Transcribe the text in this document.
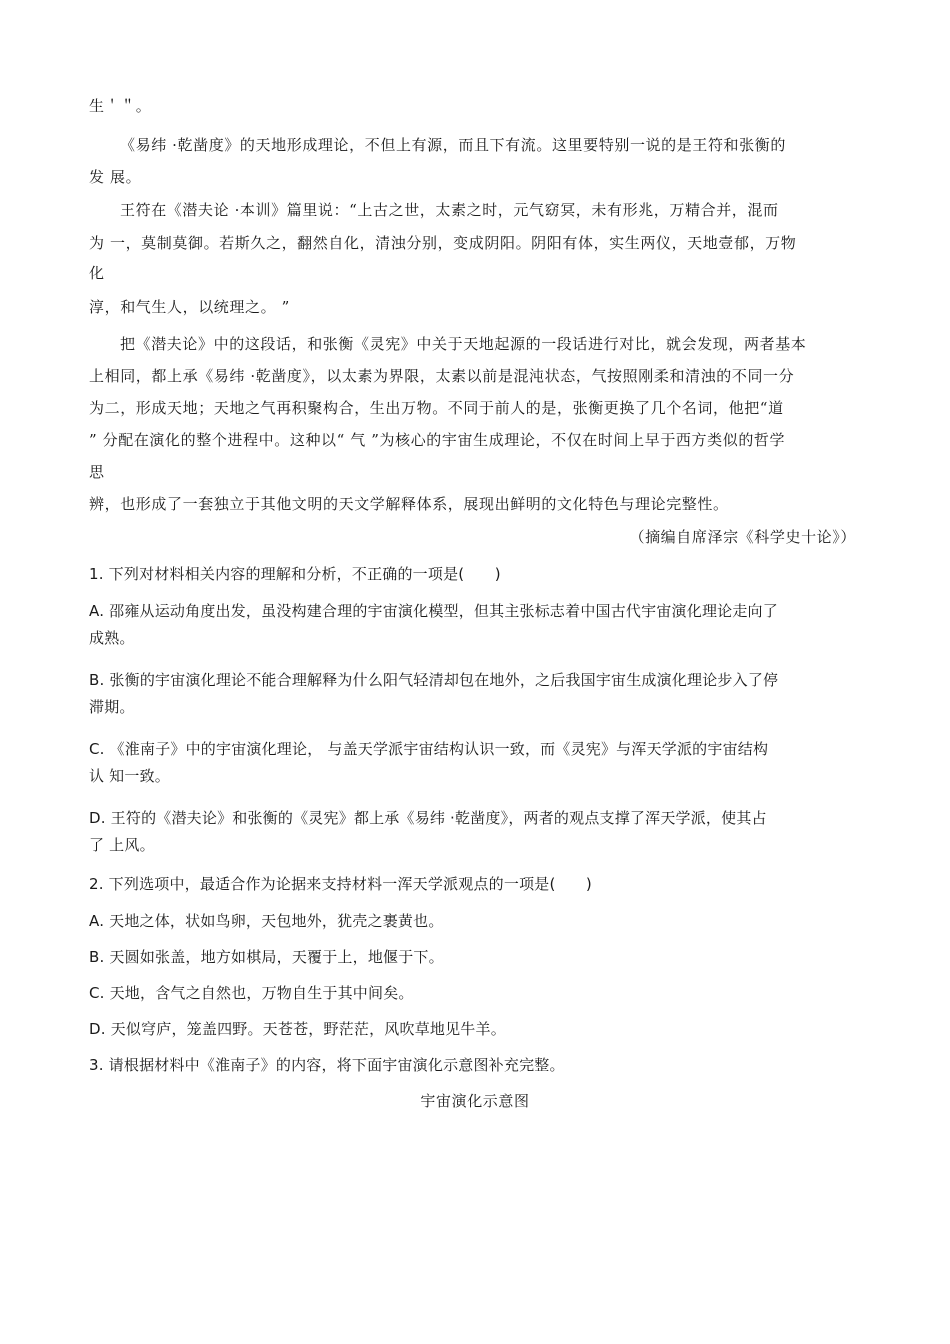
生＇＂。
《易纬 ·乾凿度》的天地形成理论，不但上有源，而且下有流。这里要特别一说的是王符和张衡的
发 展。
王符在《潜夫论 ·本训》篇里说：“上古之世，太素之时，元气窈冥，未有形兆，万精合并，混而
为 一，莫制莫御。若斯久之，翻然自化，清浊分别，变成阴阳。阴阳有体，实生两仪，天地壹郁，万物
化
淳，和气生人，以统理之。 ”
把《潜夫论》中的这段话，和张衡《灵宪》中关于天地起源的一段话进行对比，就会发现，两者基本
上相同，都上承《易纬 ·乾凿度》，以太素为界限，太素以前是混沌状态，气按照刚柔和清浊的不同一分
为二，形成天地；天地之气再积聚构合，生出万物。不同于前人的是，张衡更换了几个名词，他把“道
” 分配在演化的整个进程中。这种以“ 气 ”为核心的宇宙生成理论，不仅在时间上早于西方类似的哲学
思
辨，也形成了一套独立于其他文明的天文学解释体系，展现出鲜明的文化特色与理论完整性。
（摘编自席泽宗《科学史十论》）
1. 下列对材料相关内容的理解和分析，不正确的一项是(　　)
A. 邵雍从运动角度出发，虽没构建合理的宇宙演化模型，但其主张标志着中国古代宇宙演化理论走向了
成熟。
B. 张衡的宇宙演化理论不能合理解释为什么阳气轻清却包在地外，之后我国宇宙生成演化理论步入了停
滞期。
C. 《淮南子》中的宇宙演化理论， 与盖天学派宇宙结构认识一致，而《灵宪》与浑天学派的宇宙结构
认 知一致。
D. 王符的《潜夫论》和张衡的《灵宪》都上承《易纬 ·乾凿度》，两者的观点支撑了浑天学派，使其占
了 上风。
2. 下列选项中，最适合作为论据来支持材料一浑天学派观点的一项是(　　)
A. 天地之体，状如鸟卵，天包地外，犹壳之裹黄也。
B. 天圆如张盖，地方如棋局，天覆于上，地偃于下。
C. 天地，含气之自然也，万物自生于其中间矣。
D. 天似穹庐，笼盖四野。天苍苍，野茫茫，风吹草地见牛羊。
3. 请根据材料中《淮南子》的内容，将下面宇宙演化示意图补充完整。
宇宙演化示意图
